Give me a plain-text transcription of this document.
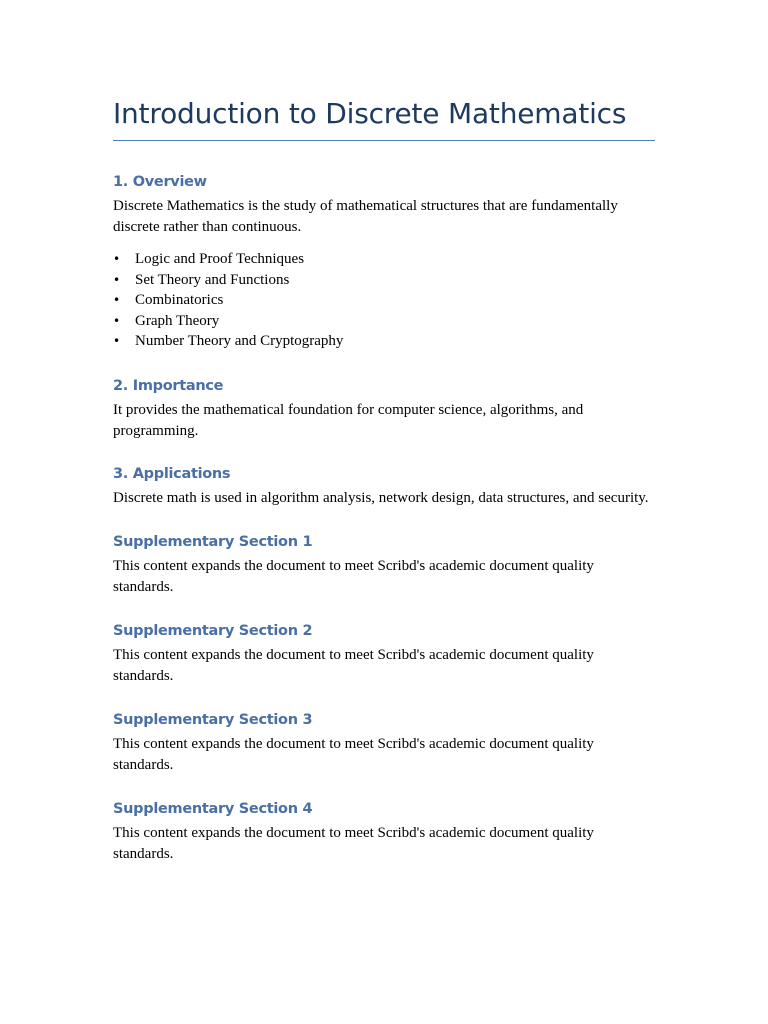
Introduction to Discrete Mathematics
1. Overview

Discrete Mathematics is the study of mathematical structures that are fundamentally discrete rather than continuous.

• Logic and Proof Techniques
• Set Theory and Functions
• Combinatorics
• Graph Theory
• Number Theory and Cryptography
2. Importance

It provides the mathematical foundation for computer science, algorithms, and programming.

3. Applications

Discrete math is used in algorithm analysis, network design, data structures, and security.

Supplementary Section 1

This content expands the document to meet Scribd's academic document quality standards.

Supplementary Section 2

This content expands the document to meet Scribd's academic document quality standards.

Supplementary Section 3

This content expands the document to meet Scribd's academic document quality standards.

Supplementary Section 4

This content expands the document to meet Scribd's academic document quality standards.
